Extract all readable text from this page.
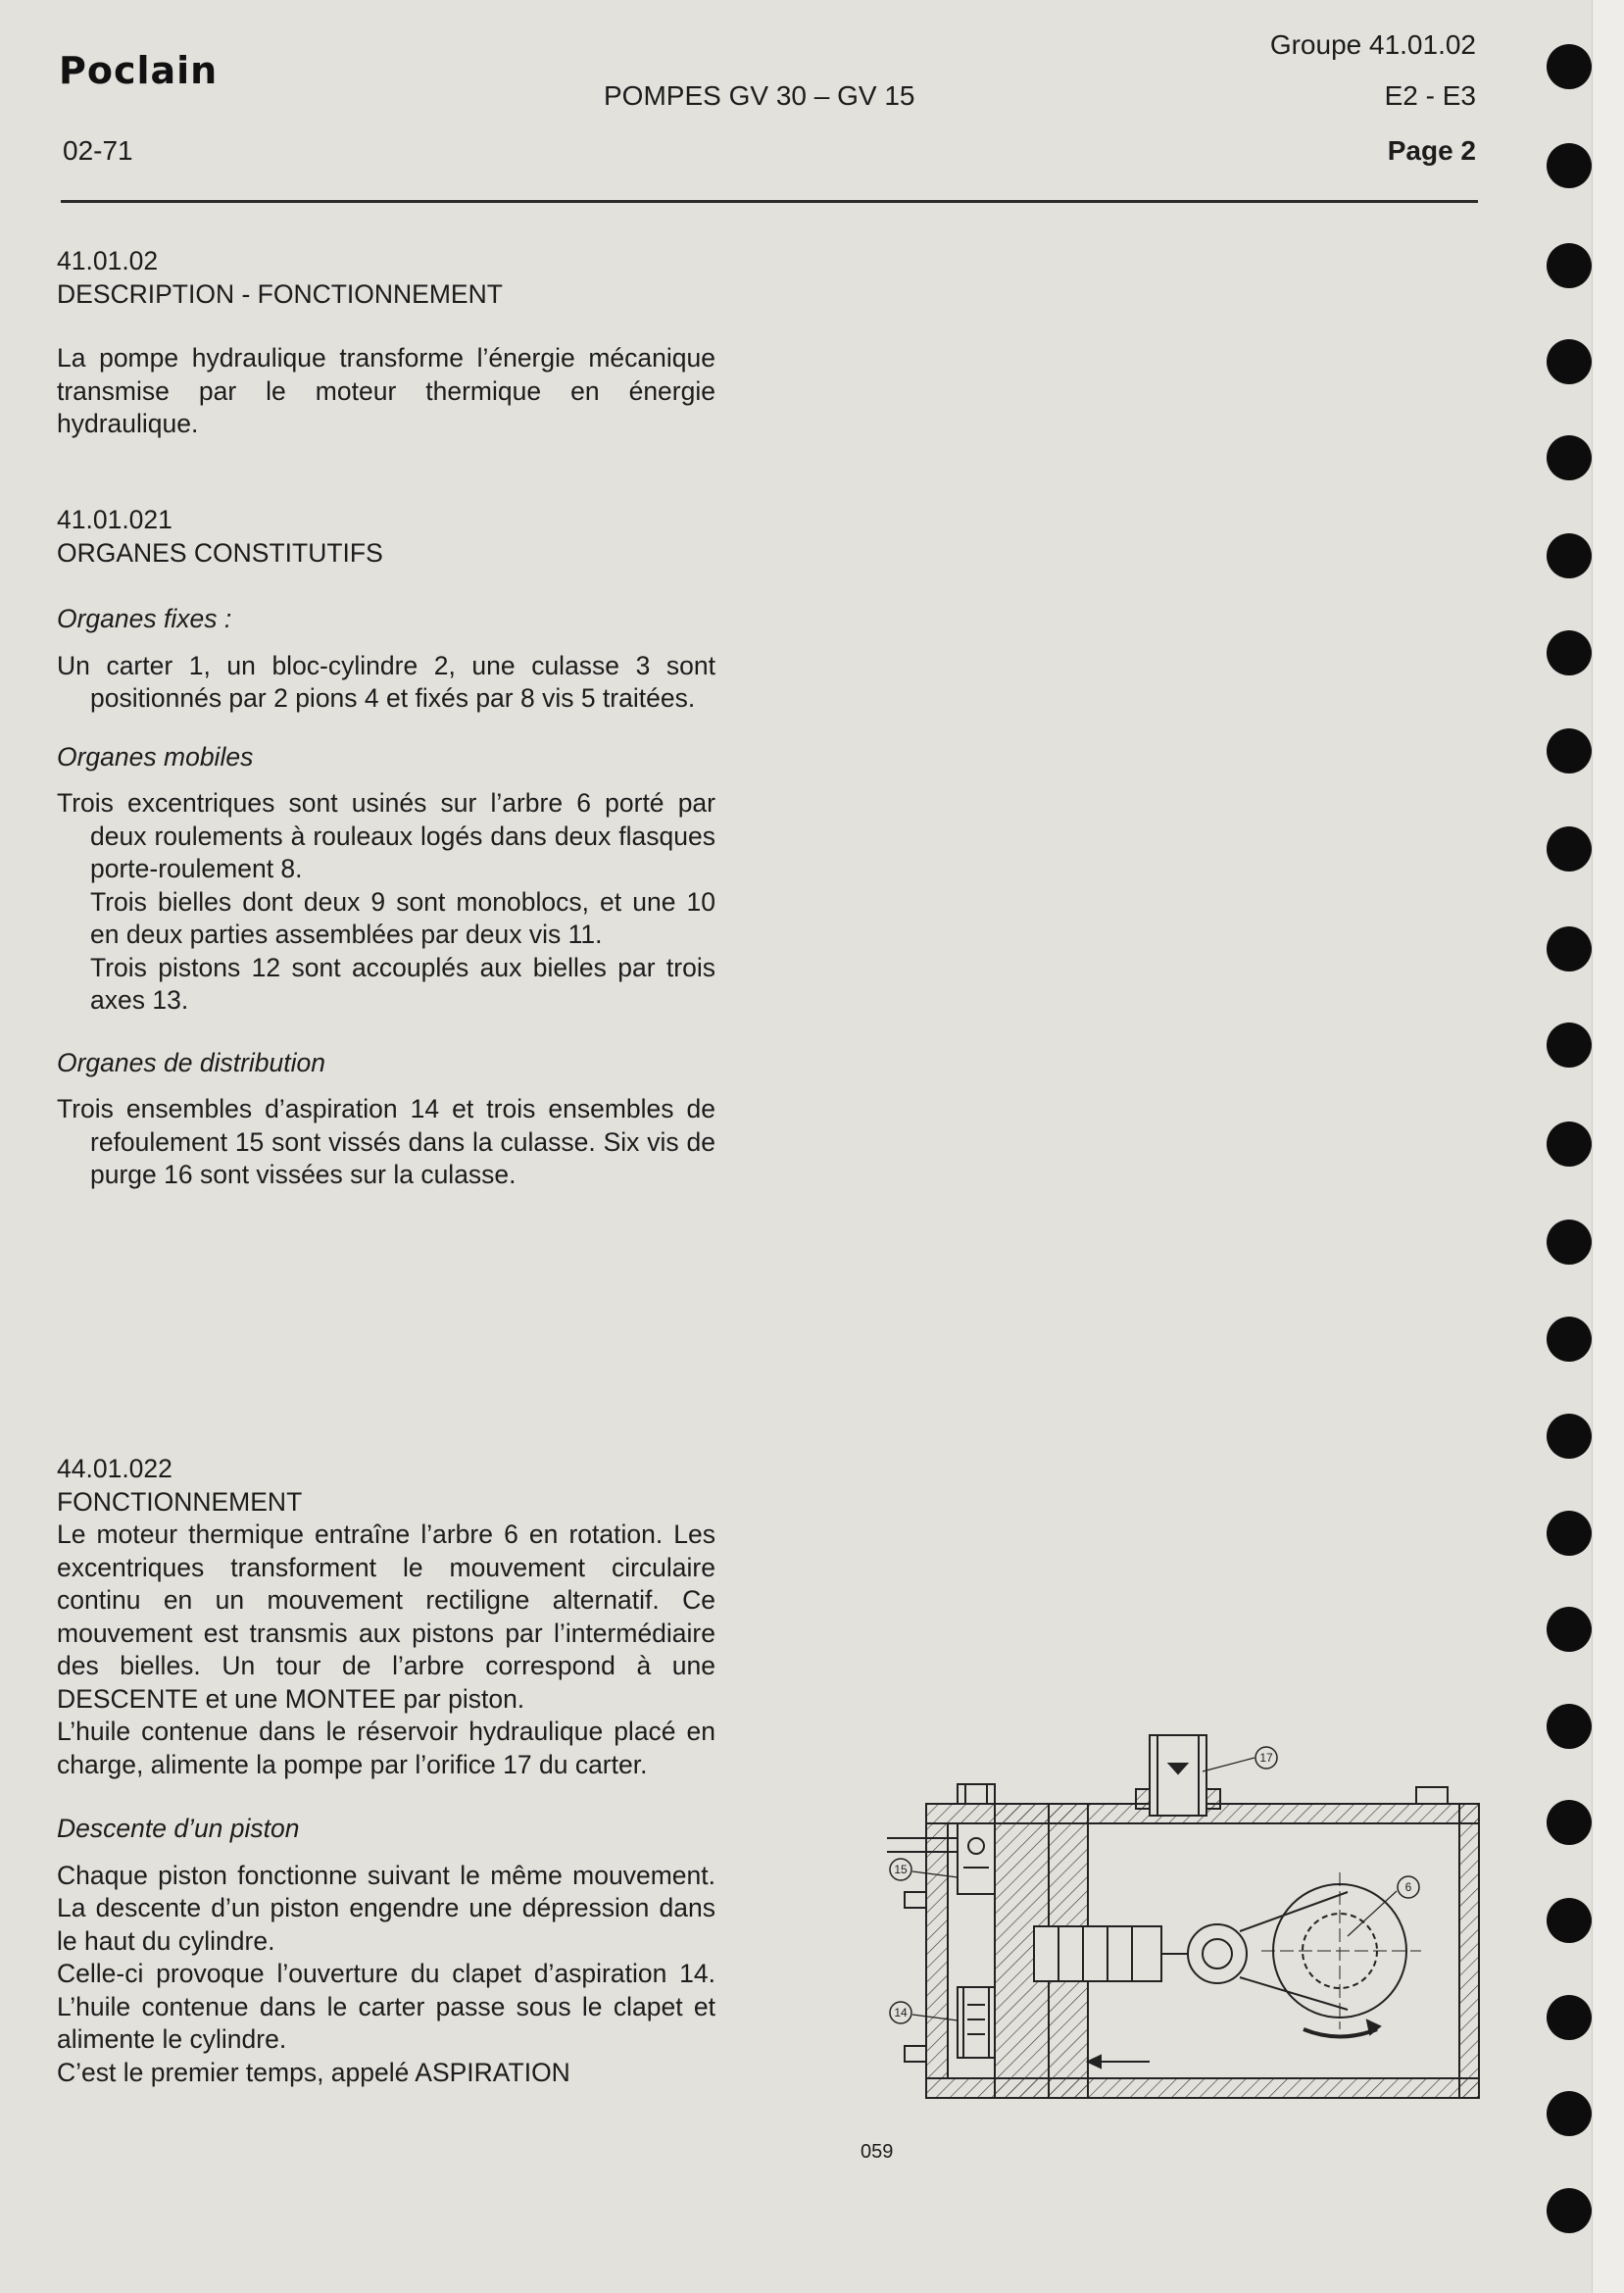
Poclain
02-71
POMPES GV 30 – GV 15
Groupe 41.01.02
E2 - E3
Page 2

41.01.02

DESCRIPTION - FONCTIONNEMENT

La pompe hydraulique transforme l’énergie mécanique transmise par le moteur thermique en énergie hydraulique.

41.01.021

ORGANES CONSTITUTIFS

Organes fixes :

Un carter 1, un bloc-cylindre 2, une culasse 3 sont positionnés par 2 pions 4 et fixés par 8 vis 5 traitées.

Organes mobiles

Trois excentriques sont usinés sur l’arbre 6 porté par deux roulements à rouleaux logés dans deux flasques porte-roulement 8.

Trois bielles dont deux 9 sont monoblocs, et une 10 en deux parties assemblées par deux vis 11.

Trois pistons 12 sont accouplés aux bielles par trois axes 13.

Organes de distribution

Trois ensembles d’aspiration 14 et trois ensembles de refoulement 15 sont vissés dans la culasse. Six vis de purge 16 sont vissées sur la culasse.

44.01.022

FONCTIONNEMENT

Le moteur thermique entraîne l’arbre 6 en rotation. Les excentriques transforment le mouvement circulaire continu en un mouvement rectiligne alternatif. Ce mouvement est transmis aux pistons par l’intermédiaire des bielles. Un tour de l’arbre correspond à une DESCENTE et une MONTEE par piston.

L’huile contenue dans le réservoir hydraulique placé en charge, alimente la pompe par l’orifice 17 du carter.

Descente d’un piston

Chaque piston fonctionne suivant le même mouvement. La descente d’un piston engendre une dépression dans le haut du cylindre.

Celle-ci provoque l’ouverture du clapet d’aspiration 14. L’huile contenue dans le carter passe sous le clapet et alimente le cylindre.

C’est le premier temps, appelé ASPIRATION

17
15
14
6
059
